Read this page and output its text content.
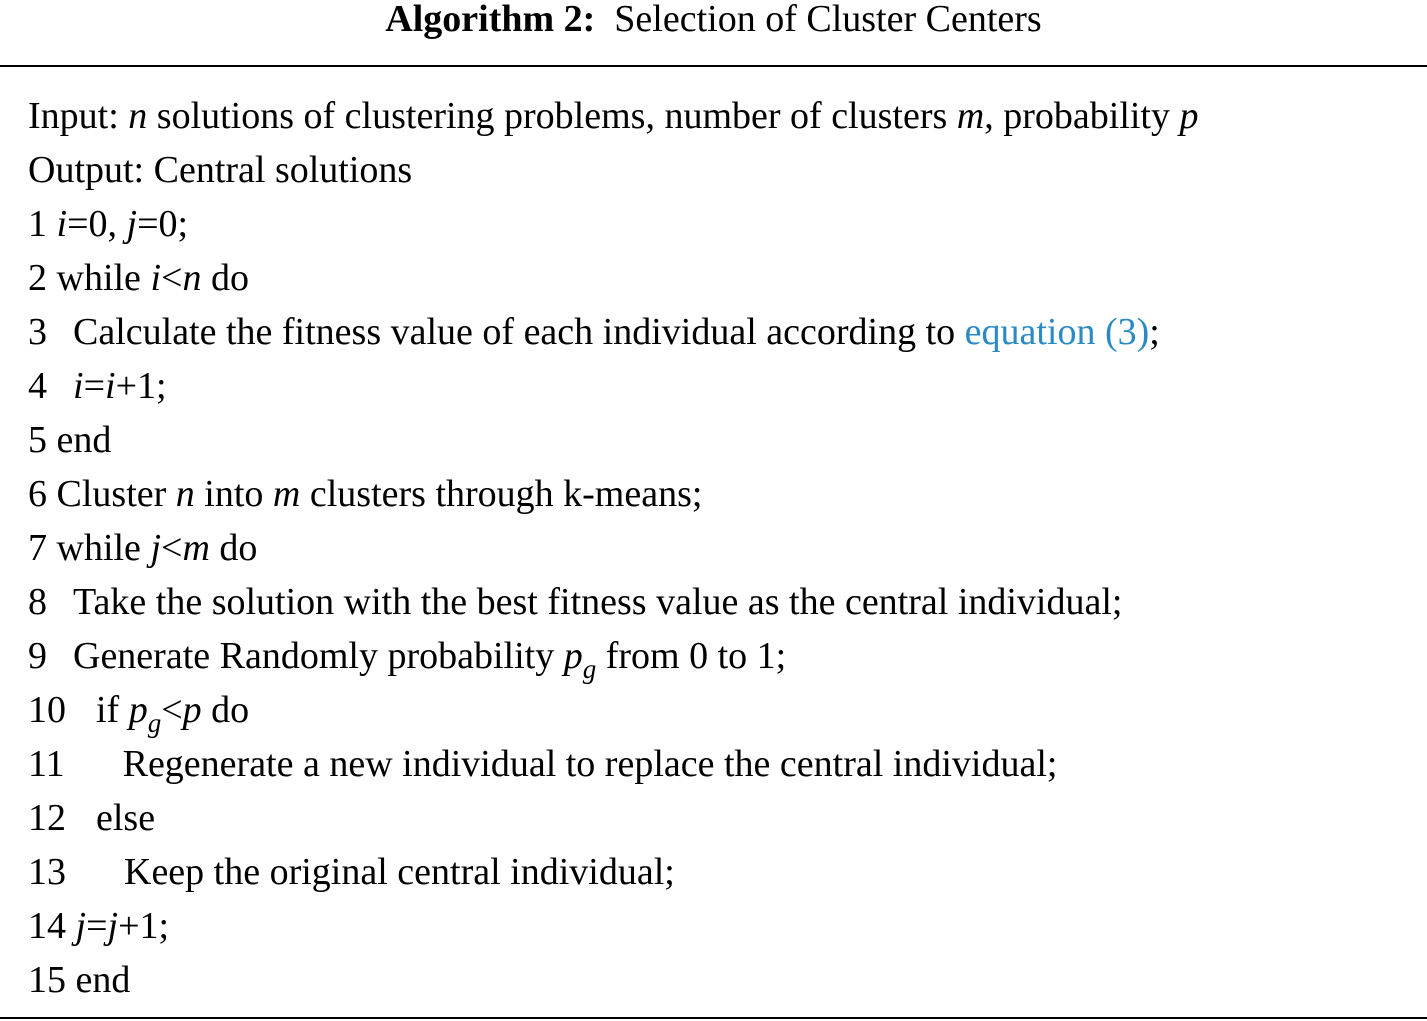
Algorithm 2: Selection of Cluster Centers
Input: n solutions of clustering problems, number of clusters m, probability p
Output: Central solutions
1 i=0, j=0;
2 while i<n do
3 Calculate the fitness value of each individual according to equation (3);
4 i=i+1;
5 end
6 Cluster n into m clusters through k-means;
7 while j<m do
8 Take the solution with the best fitness value as the central individual;
9 Generate Randomly probability $p_g$ from 0 to 1;
10 if $p_g<p$ do
11 Regenerate a new individual to replace the central individual;
12 else
13 Keep the original central individual;
14 j=j+1;
15 end
